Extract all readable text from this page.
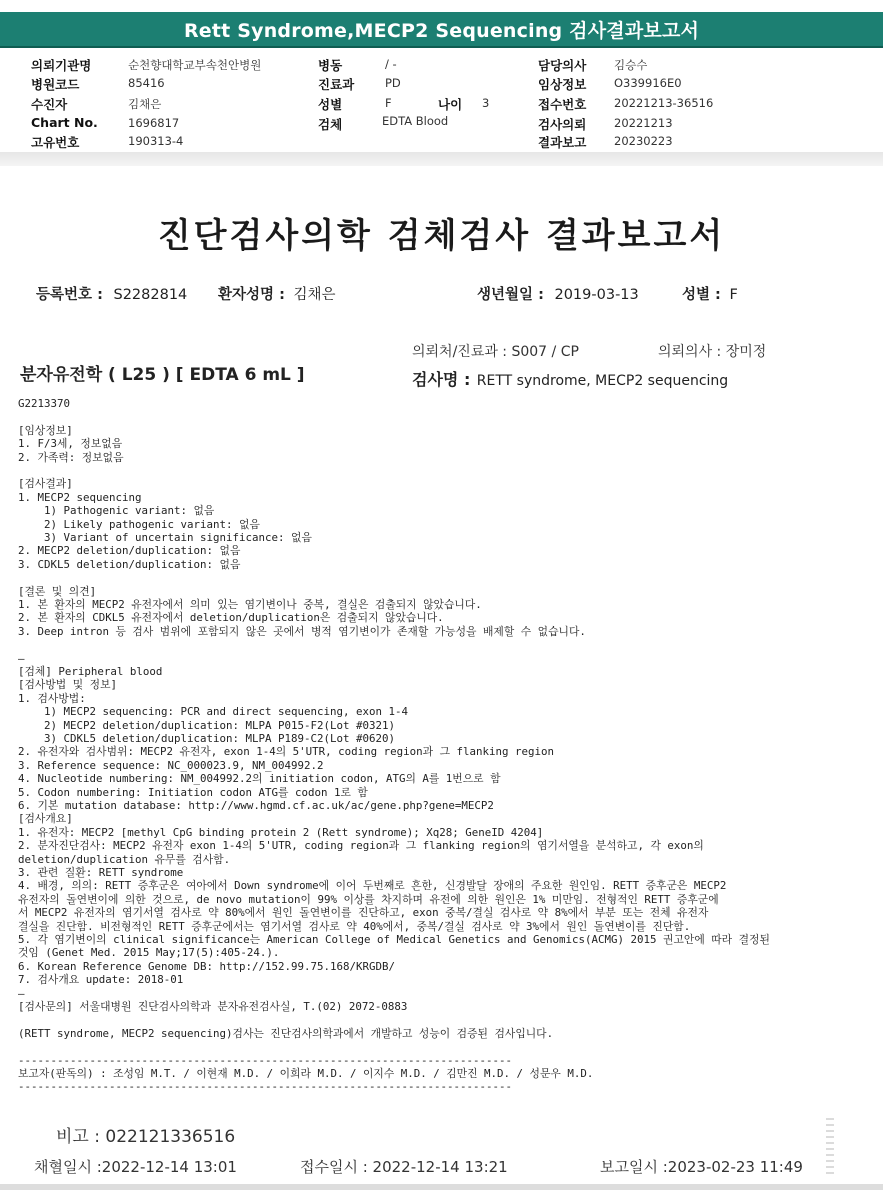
Rett Syndrome,MECP2 Sequencing 검사결과보고서
의뢰기관명	순천향대학교부속천안병원
병원코드	85416
수진자	김채은
Chart No.	1696817
고유번호	190313-4
병동	/ -
진료과	PD
성별	F	나이 3
검체	EDTA Blood
담당의사 김승수
임상정보 O339916E0
접수번호 20221213-36516
검사의뢰 20221213
결과보고 20230223
진단검사의학 검체검사 결과보고서
등록번호 : S2282814 환자성명 : 김채은	생년월일 : 2019-03-13	성별 : F
의뢰처/진료과 : S007 / CP	의뢰의사 : 장미정
분자유전학 ( L25 ) [ EDTA 6 mL ]	검사명 : RETT syndrome, MECP2 sequencing
G2213370
[임상정보]
1. F/3세, 정보없음
2. 가족력: 정보없음
[검사결과]
1. MECP2 sequencing
1) Pathogenic variant: 없음
2) Likely pathogenic variant: 없음
3) Variant of uncertain significance: 없음
2. MECP2 deletion/duplication: 없음
3. CDKL5 deletion/duplication: 없음
[결론 및 의견]
1. 본 환자의 MECP2 유전자에서 의미 있는 염기변이나 중복, 결실은 검출되지 않았습니다.
2. 본 환자의 CDKL5 유전자에서 deletion/duplication은 검출되지 않았습니다.
3. Deep intron 등 검사 범위에 포함되지 않은 곳에서 병적 염기변이가 존재할 가능성을 배제할 수 없습니다.
—
[검체] Peripheral blood
[검사방법 및 정보]
1. 검사방법:
1) MECP2 sequencing: PCR and direct sequencing, exon 1-4
2) MECP2 deletion/duplication: MLPA P015-F2(Lot #0321)
3) CDKL5 deletion/duplication: MLPA P189-C2(Lot #0620)
2. 유전자와 검사범위: MECP2 유전자, exon 1-4의 5'UTR, coding region과 그 flanking region
3. Reference sequence: NC_000023.9, NM_004992.2
4. Nucleotide numbering: NM_004992.2의 initiation codon, ATG의 A를 1번으로 함
5. Codon numbering: Initiation codon ATG를 codon 1로 함
6. 기본 mutation database: http://www.hgmd.cf.ac.uk/ac/gene.php?gene=MECP2
[검사개요]
1. 유전자: MECP2 [methyl CpG binding protein 2 (Rett syndrome); Xq28; GeneID 4204]
2. 분자진단검사: MECP2 유전자 exon 1-4의 5'UTR, coding region과 그 flanking region의 염기서열을 분석하고, 각 exon의
deletion/duplication 유무를 검사함.
3. 관련 질환: RETT syndrome
4. 배경, 의의: RETT 증후군은 여아에서 Down syndrome에 이어 두번째로 흔한, 신경발달 장애의 주요한 원인임. RETT 증후군은 MECP2
유전자의 돌연변이에 의한 것으로, de novo mutation이 99% 이상를 차지하며 유전에 의한 원인은 1% 미만임. 전형적인 RETT 증후군에
서 MECP2 유전자의 염기서열 검사로 약 80%에서 원인 돌연변이를 진단하고, exon 중복/결실 검사로 약 8%에서 부분 또는 전체 유전자
결실을 진단함. 비전형적인 RETT 증후군에서는 염기서열 검사로 약 40%에서, 중복/결실 검사로 약 3%에서 원인 돌연변이를 진단함.
5. 각 염기변이의 clinical significance는 American College of Medical Genetics and Genomics(ACMG) 2015 권고안에 따라 결정된
것임 (Genet Med. 2015 May;17(5):405-24.).
6. Korean Reference Genome DB: http://152.99.75.168/KRGDB/
7. 검사개요 update: 2018-01
—
[검사문의] 서울대병원 진단검사의학과 분자유전검사실, T.(02) 2072-0883
(RETT syndrome, MECP2 sequencing)검사는 진단검사의학과에서 개발하고 성능이 검증된 검사입니다.
----------------------------------------------------------------------------
보고자(판독의) : 조성임 M.T. / 이현재 M.D. / 이희라 M.D. / 이지수 M.D. / 김만진 M.D. / 성문우 M.D.
----------------------------------------------------------------------------
비고 : 022121336516
채혈일시 :2022-12-14 13:01	접수일시 : 2022-12-14 13:21	보고일시 :2023-02-23 11:49
